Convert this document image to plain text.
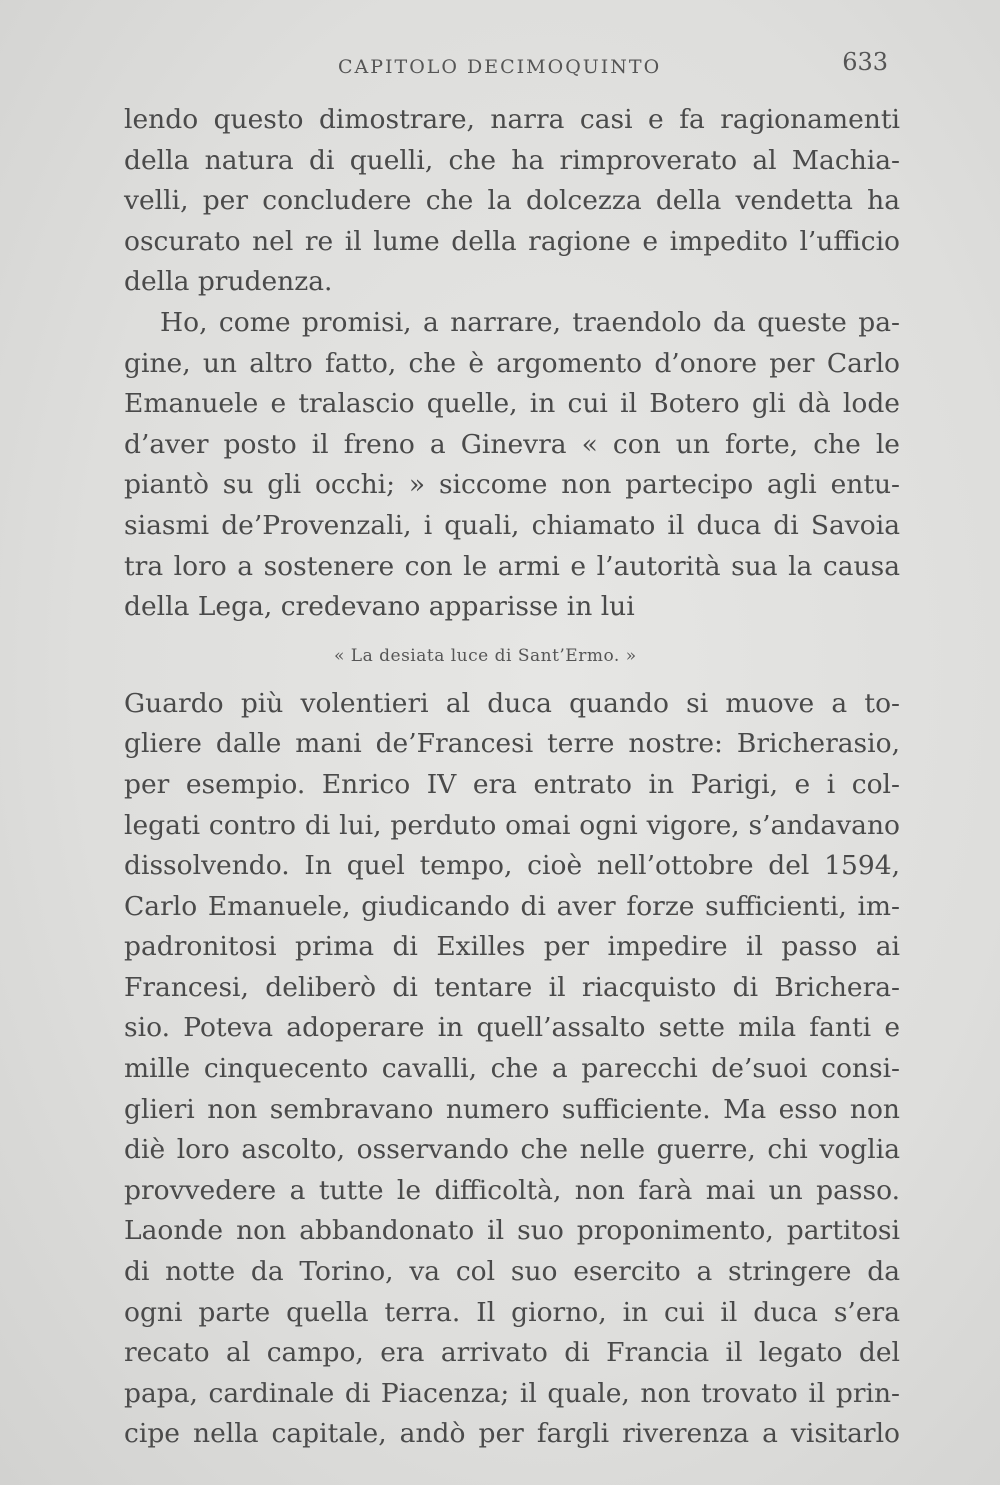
CAPITOLO DECIMOQUINTO	633
lendo questo dimostrare, narra casi e fa ragionamenti
della natura di quelli, che ha rimproverato al Machia-
velli, per concludere che la dolcezza della vendetta ha
oscurato nel re il lume della ragione e impedito l’ufficio
della prudenza.
Ho, come promisi, a narrare, traendolo da queste pa-
gine, un altro fatto, che è argomento d’onore per Carlo
Emanuele e tralascio quelle, in cui il Botero gli dà lode
d’aver posto il freno a Ginevra « con un forte, che le
piantò su gli occhi; » siccome non partecipo agli entu-
siasmi de’Provenzali, i quali, chiamato il duca di Savoia
tra loro a sostenere con le armi e l’autorità sua la causa
della Lega, credevano apparisse in lui
« La desiata luce di Sant’Ermo. »
Guardo più volentieri al duca quando si muove a to-
gliere dalle mani de’Francesi terre nostre: Bricherasio,
per esempio. Enrico IV era entrato in Parigi, e i col-
legati contro di lui, perduto omai ogni vigore, s’andavano
dissolvendo. In quel tempo, cioè nell’ottobre del 1594,
Carlo Emanuele, giudicando di aver forze sufficienti, im-
padronitosi prima di Exilles per impedire il passo ai
Francesi, deliberò di tentare il riacquisto di Brichera-
sio. Poteva adoperare in quell’assalto sette mila fanti e
mille cinquecento cavalli, che a parecchi de’suoi consi-
glieri non sembravano numero sufficiente. Ma esso non
diè loro ascolto, osservando che nelle guerre, chi voglia
provvedere a tutte le difficoltà, non farà mai un passo.
Laonde non abbandonato il suo proponimento, partitosi
di notte da Torino, va col suo esercito a stringere da
ogni parte quella terra. Il giorno, in cui il duca s’era
recato al campo, era arrivato di Francia il legato del
papa, cardinale di Piacenza; il quale, non trovato il prin-
cipe nella capitale, andò per fargli riverenza a visitarlo
